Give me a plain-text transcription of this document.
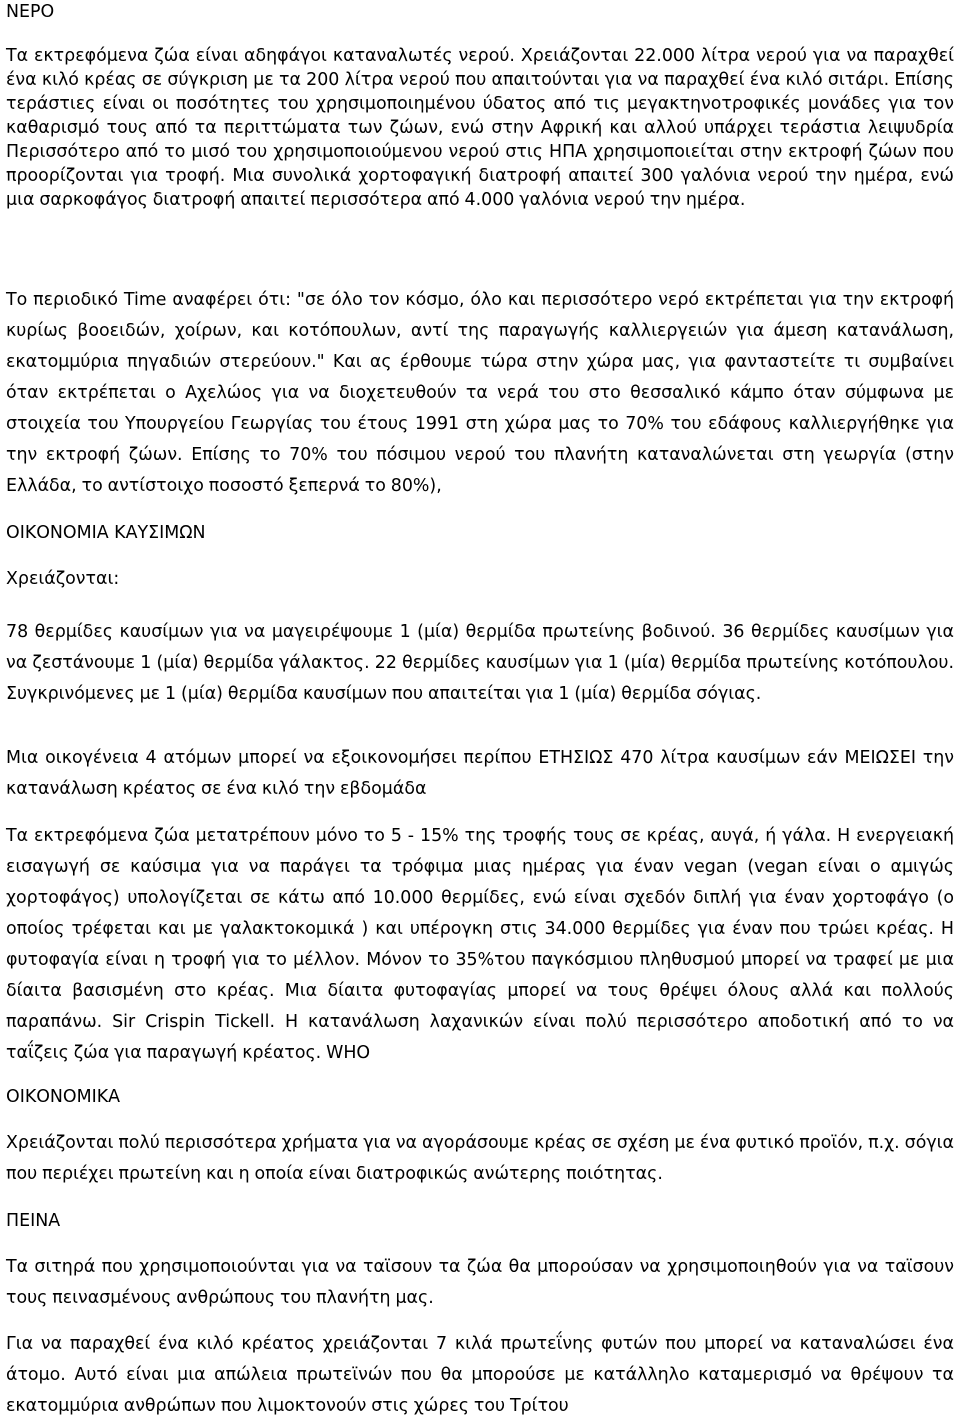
ΝΕΡΟ

Τα εκτρεφόμενα ζώα είναι αδηφάγοι καταναλωτές νερού. Χρειάζονται 22.000 λίτρα νερού για να παραχθεί ένα κιλό κρέας σε σύγκριση με τα 200 λίτρα νερού που απαιτούνται για να παραχθεί ένα κιλό σιτάρι. Επίσης τεράστιες είναι οι ποσότητες του χρησιμοποιημένου ύδατος από τις μεγακτηνοτροφικές μονάδες για τον καθαρισμό τους από τα περιττώματα των ζώων, ενώ στην Αφρική και αλλού υπάρχει τεράστια λειψυδρία Περισσότερο από το μισό του χρησιμοποιούμενου νερού στις ΗΠΑ χρησιμοποιείται στην εκτροφή ζώων που προορίζονται για τροφή. Μια συνολικά χορτοφαγική διατροφή απαιτεί 300 γαλόνια νερού την ημέρα, ενώ μια σαρκοφάγος διατροφή απαιτεί περισσότερα από 4.000 γαλόνια νερού την ημέρα.

Το περιοδικό Time αναφέρει ότι: "σε όλο τον κόσμο, όλο και περισσότερο νερό εκτρέπεται για την εκτροφή κυρίως βοοειδών, χοίρων, και κοτόπουλων, αντί της παραγωγής καλλιεργειών για άμεση κατανάλωση, εκατομμύρια πηγαδιών στερεύουν." Και ας έρθουμε τώρα στην χώρα μας, για φανταστείτε τι συμβαίνει όταν εκτρέπεται ο Αχελώος για να διοχετευθούν τα νερά του στο θεσσαλικό κάμπο όταν σύμφωνα με στοιχεία του Υπουργείου Γεωργίας του έτους 1991 στη χώρα μας το 70% του εδάφους καλλιεργήθηκε για την εκτροφή ζώων. Επίσης το 70% του πόσιμου νερού του πλανήτη καταναλώνεται στη γεωργία (στην Ελλάδα, το αντίστοιχο ποσοστό ξεπερνά το 80%),

ΟΙΚΟΝΟΜΙΑ ΚΑΥΣΙΜΩΝ

Χρειάζονται:

78 θερμίδες καυσίμων για να μαγειρέψουμε 1 (μία) θερμίδα πρωτείνης βοδινού. 36 θερμίδες καυσίμων για να ζεστάνουμε 1 (μία) θερμίδα γάλακτος. 22 θερμίδες καυσίμων για 1 (μία) θερμίδα πρωτείνης κοτόπουλου. Συγκρινόμενες με 1 (μία) θερμίδα καυσίμων που απαιτείται για 1 (μία) θερμίδα σόγιας.

Μια οικογένεια 4 ατόμων μπορεί να εξοικονομήσει περίπου ΕΤΗΣΙΩΣ 470 λίτρα καυσίμων εάν ΜΕΙΩΣΕΙ την κατανάλωση κρέατος σε ένα κιλό την εβδομάδα

Τα εκτρεφόμενα ζώα μετατρέπουν μόνο το 5 - 15% της τροφής τους σε κρέας, αυγά, ή γάλα. Η ενεργειακή εισαγωγή σε καύσιμα για να παράγει τα τρόφιμα μιας ημέρας για έναν vegan (vegan είναι ο αμιγώς χορτοφάγος) υπολογίζεται σε κάτω από 10.000 θερμίδες, ενώ είναι σχεδόν διπλή για έναν χορτοφάγο (ο οποίος τρέφεται και με γαλακτοκομικά ) και υπέρογκη στις 34.000 θερμίδες για έναν που τρώει κρέας. Η φυτοφαγία είναι η τροφή για το μέλλον. Μόνον το 35%του παγκόσμιου πληθυσμού μπορεί να τραφεί με μια δίαιτα βασισμένη στο κρέας. Μια δίαιτα φυτοφαγίας μπορεί να τους θρέψει όλους αλλά και πολλούς παραπάνω. Sir Crispin Tickell. Η κατανάλωση λαχανικών είναι πολύ περισσότερο αποδοτική από το να ταΐζεις ζώα για παραγωγή κρέατος. WHO

ΟΙΚΟΝΟΜΙΚΑ

Χρειάζονται πολύ περισσότερα χρήματα για να αγοράσουμε κρέας σε σχέση με ένα φυτικό προϊόν, π.χ. σόγια που περιέχει πρωτείνη και η οποία είναι διατροφικώς ανώτερης ποιότητας.

ΠΕΙΝΑ

Τα σιτηρά που χρησιμοποιούνται για να ταϊσουν τα ζώα θα μπορούσαν να χρησιμοποιηθούν για να ταϊσουν τους πεινασμένους ανθρώπους του πλανήτη μας.

Για να παραχθεί ένα κιλό κρέατος χρειάζονται 7 κιλά πρωτεΐνης φυτών που μπορεί να καταναλώσει ένα άτομο. Αυτό είναι μια απώλεια πρωτεϊνών που θα μπορούσε με κατάλληλο καταμερισμό να θρέψουν τα εκατομμύρια ανθρώπων που λιμοκτονούν στις χώρες του Τρίτου
